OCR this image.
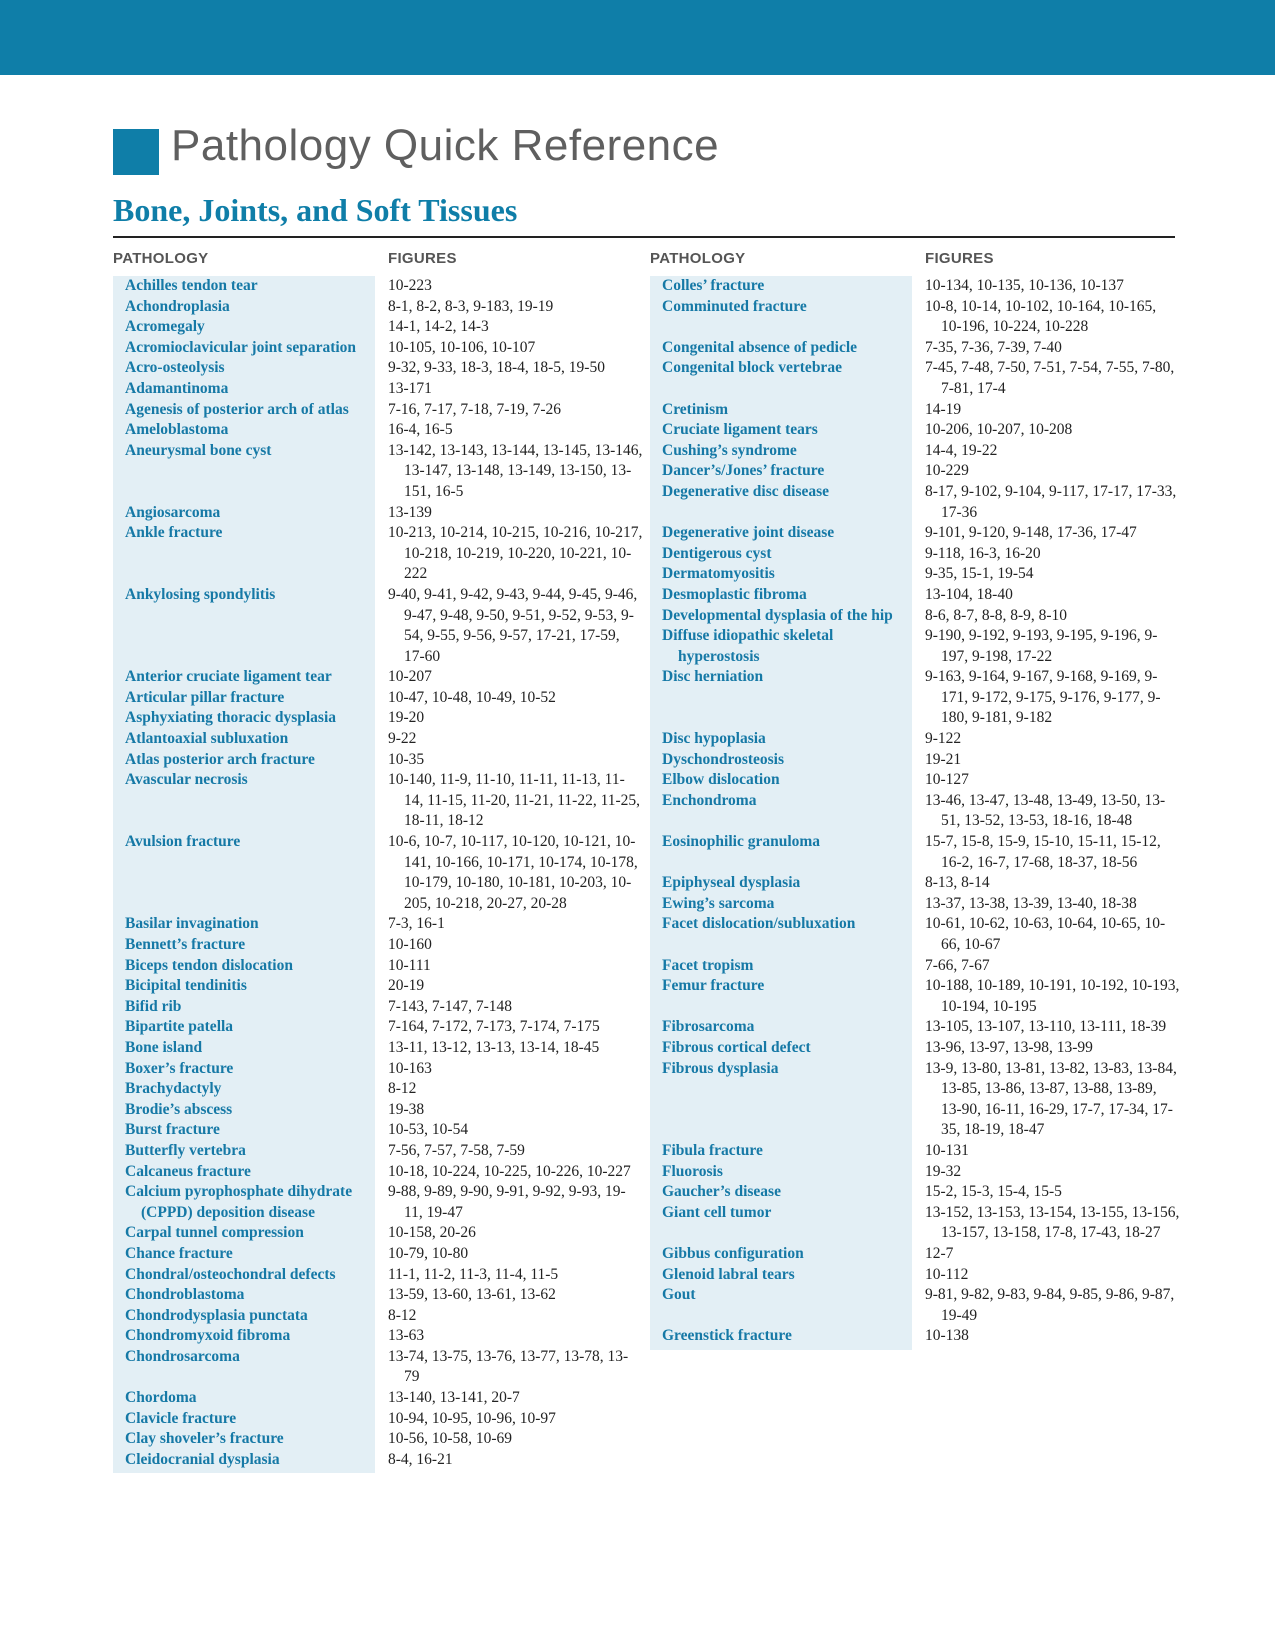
Pathology Quick Reference
Bone, Joints, and Soft Tissues
PATHOLOGY	FIGURES
Achilles tendon tear	10-223
Achondroplasia	8-1, 8-2, 8-3, 9-183, 19-19
Acromegaly	14-1, 14-2, 14-3
Acromioclavicular joint separation	10-105, 10-106, 10-107
Acro-osteolysis	9-32, 9-33, 18-3, 18-4, 18-5, 19-50
Adamantinoma	13-171
Agenesis of posterior arch of atlas	7-16, 7-17, 7-18, 7-19, 7-26
Ameloblastoma	16-4, 16-5
Aneurysmal bone cyst	13-142, 13-143, 13-144, 13-145, 13-146, 13-147, 13-148, 13-149, 13-150, 13-151, 16-5
Angiosarcoma	13-139
Ankle fracture	10-213, 10-214, 10-215, 10-216, 10-217, 10-218, 10-219, 10-220, 10-221, 10-222
Ankylosing spondylitis	9-40, 9-41, 9-42, 9-43, 9-44, 9-45, 9-46, 9-47, 9-48, 9-50, 9-51, 9-52, 9-53, 9-54, 9-55, 9-56, 9-57, 17-21, 17-59, 17-60
Anterior cruciate ligament tear	10-207
Articular pillar fracture	10-47, 10-48, 10-49, 10-52
Asphyxiating thoracic dysplasia	19-20
Atlantoaxial subluxation	9-22
Atlas posterior arch fracture	10-35
Avascular necrosis	10-140, 11-9, 11-10, 11-11, 11-13, 11-14, 11-15, 11-20, 11-21, 11-22, 11-25, 18-11, 18-12
Avulsion fracture	10-6, 10-7, 10-117, 10-120, 10-121, 10-141, 10-166, 10-171, 10-174, 10-178, 10-179, 10-180, 10-181, 10-203, 10-205, 10-218, 20-27, 20-28
Basilar invagination	7-3, 16-1
Bennett’s fracture	10-160
Biceps tendon dislocation	10-111
Bicipital tendinitis	20-19
Bifid rib	7-143, 7-147, 7-148
Bipartite patella	7-164, 7-172, 7-173, 7-174, 7-175
Bone island	13-11, 13-12, 13-13, 13-14, 18-45
Boxer’s fracture	10-163
Brachydactyly	8-12
Brodie’s abscess	19-38
Burst fracture	10-53, 10-54
Butterfly vertebra	7-56, 7-57, 7-58, 7-59
Calcaneus fracture	10-18, 10-224, 10-225, 10-226, 10-227
Calcium pyrophosphate dihydrate (CPPD) deposition disease
9-88, 9-89, 9-90, 9-91, 9-92, 9-93, 19-11, 19-47
Carpal tunnel compression	10-158, 20-26
Chance fracture	10-79, 10-80
Chondral/osteochondral defects	11-1, 11-2, 11-3, 11-4, 11-5
Chondroblastoma	13-59, 13-60, 13-61, 13-62
Chondrodysplasia punctata	8-12
Chondromyxoid fibroma	13-63
Chondrosarcoma	13-74, 13-75, 13-76, 13-77, 13-78, 13-79
Chordoma	13-140, 13-141, 20-7
Clavicle fracture	10-94, 10-95, 10-96, 10-97
Clay shoveler’s fracture	10-56, 10-58, 10-69
Cleidocranial dysplasia	8-4, 16-21
PATHOLOGY	FIGURES
Colles’ fracture	10-134, 10-135, 10-136, 10-137
Comminuted fracture	10-8, 10-14, 10-102, 10-164, 10-165, 10-196, 10-224, 10-228
Congenital absence of pedicle	7-35, 7-36, 7-39, 7-40
Congenital block vertebrae	7-45, 7-48, 7-50, 7-51, 7-54, 7-55, 7-80, 7-81, 17-4
Cretinism	14-19
Cruciate ligament tears	10-206, 10-207, 10-208
Cushing’s syndrome	14-4, 19-22
Dancer’s/Jones’ fracture	10-229
Degenerative disc disease	8-17, 9-102, 9-104, 9-117, 17-17, 17-33, 17-36
Degenerative joint disease	9-101, 9-120, 9-148, 17-36, 17-47
Dentigerous cyst	9-118, 16-3, 16-20
Dermatomyositis	9-35, 15-1, 19-54
Desmoplastic fibroma	13-104, 18-40
Developmental dysplasia of the hip	8-6, 8-7, 8-8, 8-9, 8-10
Diffuse idiopathic skeletal hyperostosis
9-190, 9-192, 9-193, 9-195, 9-196, 9-197, 9-198, 17-22
Disc herniation	9-163, 9-164, 9-167, 9-168, 9-169, 9-171, 9-172, 9-175, 9-176, 9-177, 9-180, 9-181, 9-182
Disc hypoplasia	9-122
Dyschondrosteosis	19-21
Elbow dislocation	10-127
Enchondroma	13-46, 13-47, 13-48, 13-49, 13-50, 13-51, 13-52, 13-53, 18-16, 18-48
Eosinophilic granuloma	15-7, 15-8, 15-9, 15-10, 15-11, 15-12, 16-2, 16-7, 17-68, 18-37, 18-56
Epiphyseal dysplasia	8-13, 8-14
Ewing’s sarcoma	13-37, 13-38, 13-39, 13-40, 18-38
Facet dislocation/subluxation	10-61, 10-62, 10-63, 10-64, 10-65, 10-66, 10-67
Facet tropism	7-66, 7-67
Femur fracture	10-188, 10-189, 10-191, 10-192, 10-193, 10-194, 10-195
Fibrosarcoma	13-105, 13-107, 13-110, 13-111, 18-39
Fibrous cortical defect	13-96, 13-97, 13-98, 13-99
Fibrous dysplasia	13-9, 13-80, 13-81, 13-82, 13-83, 13-84, 13-85, 13-86, 13-87, 13-88, 13-89, 13-90, 16-11, 16-29, 17-7, 17-34, 17-35, 18-19, 18-47
Fibula fracture	10-131
Fluorosis	19-32
Gaucher’s disease	15-2, 15-3, 15-4, 15-5
Giant cell tumor	13-152, 13-153, 13-154, 13-155, 13-156, 13-157, 13-158, 17-8, 17-43, 18-27
Gibbus configuration	12-7
Glenoid labral tears	10-112
Gout	9-81, 9-82, 9-83, 9-84, 9-85, 9-86, 9-87, 19-49
Greenstick fracture	10-138
